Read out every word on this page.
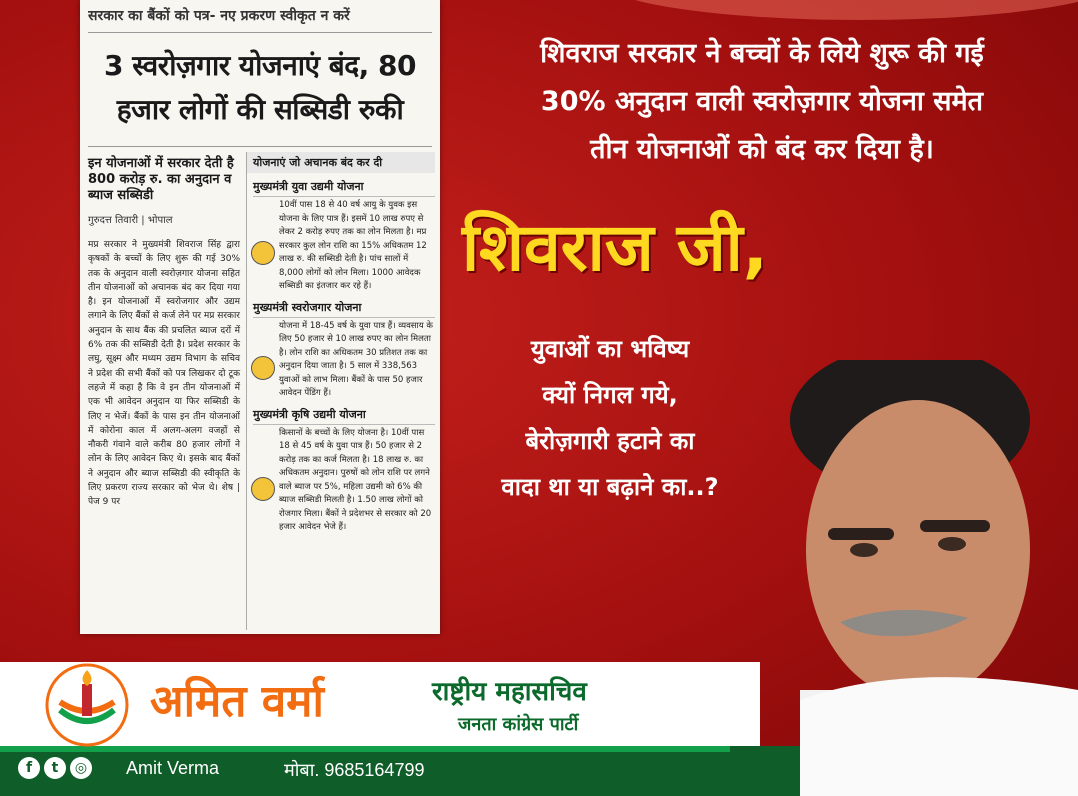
सरकार का बैंकों को पत्र- नए प्रकरण स्वीकृत न करें
3 स्वरोज़गार योजनाएं बंद, 80
हजार लोगों की सब्सिडी रुकी
इन योजनाओं में सरकार देती है 800 करोड़ रु. का अनुदान व ब्याज सब्सिडी
गुरुदत्त तिवारी | भोपाल
मप्र सरकार ने मुख्यमंत्री शिवराज सिंह द्वारा कृषकों के बच्चों के लिए शुरू की गई 30% तक के अनुदान वाली स्वरोज़गार योजना सहित तीन योजनाओं को अचानक बंद कर दिया गया है। इन योजनाओं में स्वरोजगार और उद्यम लगाने के लिए बैंकों से कर्ज लेने पर मप्र सरकार अनुदान के साथ बैंक की प्रचलित ब्याज दरों में 6% तक की सब्सिडी देती है। प्रदेश सरकार के लघु, सूक्ष्म और मध्यम उद्यम विभाग के सचिव ने प्रदेश की सभी बैंकों को पत्र लिखकर दो टूक लहजे में कहा है कि वे इन तीन योजनाओं में एक भी आवेदन अनुदान या फिर सब्सिडी के लिए न भेजें। बैंकों के पास इन तीन योजनाओं में कोरोना काल में अलग-अलग वजहों से नौकरी गंवाने वाले करीब 80 हजार लोगों ने लोन के लिए आवेदन किए थे। इसके बाद बैंकों ने अनुदान और ब्याज सब्सिडी की स्वीकृति के लिए प्रकरण राज्य सरकार को भेज थे। शेष | पेज 9 पर
योजनाएं जो अचानक बंद कर दी
मुख्यमंत्री युवा उद्यमी योजना
10वीं पास 18 से 40 वर्ष आयु के युवक इस योजना के लिए पात्र हैं। इसमें 10 लाख रुपए से लेकर 2 करोड़ रुपए तक का लोन मिलता है। मप्र सरकार कुल लोन राशि का 15% अधिकतम 12 लाख रु. की सब्सिडी देती है। पांच सालों में 8,000 लोगों को लोन मिला। 1000 आवेदक सब्सिडी का इंतजार कर रहे हैं।
मुख्यमंत्री स्वरोजगार योजना
योजना में 18-45 वर्ष के युवा पात्र हैं। व्यवसाय के लिए 50 हजार से 10 लाख रुपए का लोन मिलता है। लोन राशि का अधिकतम 30 प्रतिशत तक का अनुदान दिया जाता है। 5 साल में 338,563 युवाओं को लाभ मिला। बैंकों के पास 50 हजार आवेदन पेंडिंग हैं।
मुख्यमंत्री कृषि उद्यमी योजना
किसानों के बच्चों के लिए योजना है। 10वीं पास 18 से 45 वर्ष के युवा पात्र हैं। 50 हजार से 2 करोड़ तक का कर्ज मिलता है। 18 लाख रु. का अधिकतम अनुदान। पुरुषों को लोन राशि पर लगने वाले ब्याज पर 5%, महिला उद्यमी को 6% की ब्याज सब्सिडी मिलती है। 1.50 लाख लोगों को रोजगार मिला। बैंकों ने प्रदेशभर से सरकार को 20 हजार आवेदन भेजे हैं।
शिवराज सरकार ने बच्चों के लिये शुरू की गई
30% अनुदान वाली स्वरोज़गार योजना समेत
तीन योजनाओं को बंद कर दिया है।
शिवराज जी,
युवाओं का भविष्य
क्यों निगल गये,
बेरोज़गारी हटाने का
वादा था या बढ़ाने का..?
अमित वर्मा	राष्ट्रीय महासचिव
जनता कांग्रेस पार्टी
f	t	◎ Amit Verma	मोबा. 9685164799
